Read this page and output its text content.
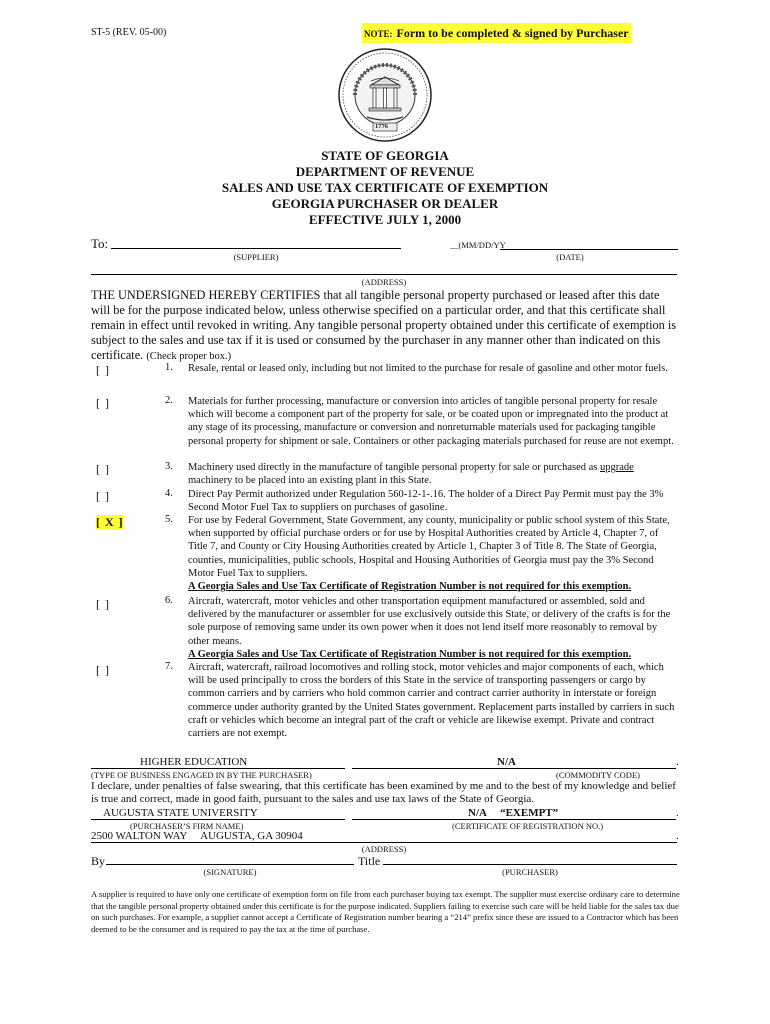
ST-5 (REV. 05-00)	NOTE: Form to be completed & signed by Purchaser
1776
STATE OF GEORGIA
DEPARTMENT OF REVENUE
SALES AND USE TAX CERTIFICATE OF EXEMPTION
GEORGIA PURCHASER OR DEALER
EFFECTIVE JULY 1, 2000
To:	__(MM/DD/YY
(SUPPLIER)	(DATE)
(ADDRESS)
THE UNDERSIGNED HEREBY CERTIFIES that all tangible personal property purchased or leased after this date will be for the purpose indicated below, unless otherwise specified on a particular order, and that this certificate shall remain in effect until revoked in writing. Any tangible personal property obtained under this certificate of exemption is subject to the sales and use tax if it is used or consumed by the purchaser in any manner other than indicated on this certificate. (Check proper box.)
[ ]	1. Resale, rental or leased only, including but not limited to the purchase for resale of gasoline and other motor fuels.
[ ]	2. Materials for further processing, manufacture or conversion into articles of tangible personal property for resale which will become a component part of the property for sale, or be coated upon or impregnated into the product at any stage of its processing, manufacture or conversion and nonreturnable materials used for packaging tangible personal property for shipment or sale. Containers or other packaging materials purchased for reuse are not exempt.
[ ]	3. Machinery used directly in the manufacture of tangible personal property for sale or purchased as upgrade machinery to be placed into an existing plant in this State.
[ ]	4. Direct Pay Permit authorized under Regulation 560-12-1-.16. The holder of a Direct Pay Permit must pay the 3% Second Motor Fuel Tax to suppliers on purchases of gasoline.
[ X ]	5. For use by Federal Government, State Government, any county, municipality or public school system of this State, when supported by official purchase orders or for use by Hospital Authorities created by Article 4, Chapter 7, of Title 7, and County or City Housing Authorities created by Article 1, Chapter 3 of Title 8. The State of Georgia, counties, municipalities, public schools, Hospital and Housing Authorities of Georgia must pay the 3% Second Motor Fuel Tax to suppliers.
A Georgia Sales and Use Tax Certificate of Registration Number is not required for this exemption.
[ ]	6. Aircraft, watercraft, motor vehicles and other transportation equipment manufactured or assembled, sold and delivered by the manufacturer or assembler for use exclusively outside this State, or delivery of the crafts is for the sole purpose of removing same under its own power when it does not lend itself more reasonably to removal by other means.
A Georgia Sales and Use Tax Certificate of Registration Number is not required for this exemption.
[ ]	7. Aircraft, watercraft, railroad locomotives and rolling stock, motor vehicles and major components of each, which will be used principally to cross the borders of this State in the service of transporting passengers or cargo by common carriers and by carriers who hold common carrier and contract carrier authority in interstate or foreign commerce under authority granted by the United States government. Replacement parts installed by carriers in such craft or vehicles which become an integral part of the craft or vehicle are likewise exempt. Private and contract carriers are not exempt.
HIGHER EDUCATION	N/A	.
(TYPE OF BUSINESS ENGAGED IN BY THE PURCHASER)	(COMMODITY CODE)
I declare, under penalties of false swearing, that this certificate has been examined by me and to the best of my knowledge and belief is true and correct, made in good faith, pursuant to the sales and use tax laws of the State of Georgia.
AUGUSTA STATE UNIVERSITY	N/A     “EXEMPT”	.
(PURCHASER’S FIRM NAME)	(CERTIFICATE OF REGISTRATION NO.)
2500 WALTON WAY     AUGUSTA, GA 30904	.
(ADDRESS)
By	Title
(SIGNATURE)	(PURCHASER)
A supplier is required to have only one certificate of exemption form on file from each purchaser buying tax exempt. The supplier must exercise ordinary care to determine that the tangible personal property obtained under this certificate is for the purpose indicated. Suppliers failing to exercise such care will be held liable for the sales tax due on such purchases. For example, a supplier cannot accept a Certificate of Registration number bearing a “214” prefix since these are issued to a Contractor which has been deemed to be the consumer and is required to pay the tax at the time of purchase.
